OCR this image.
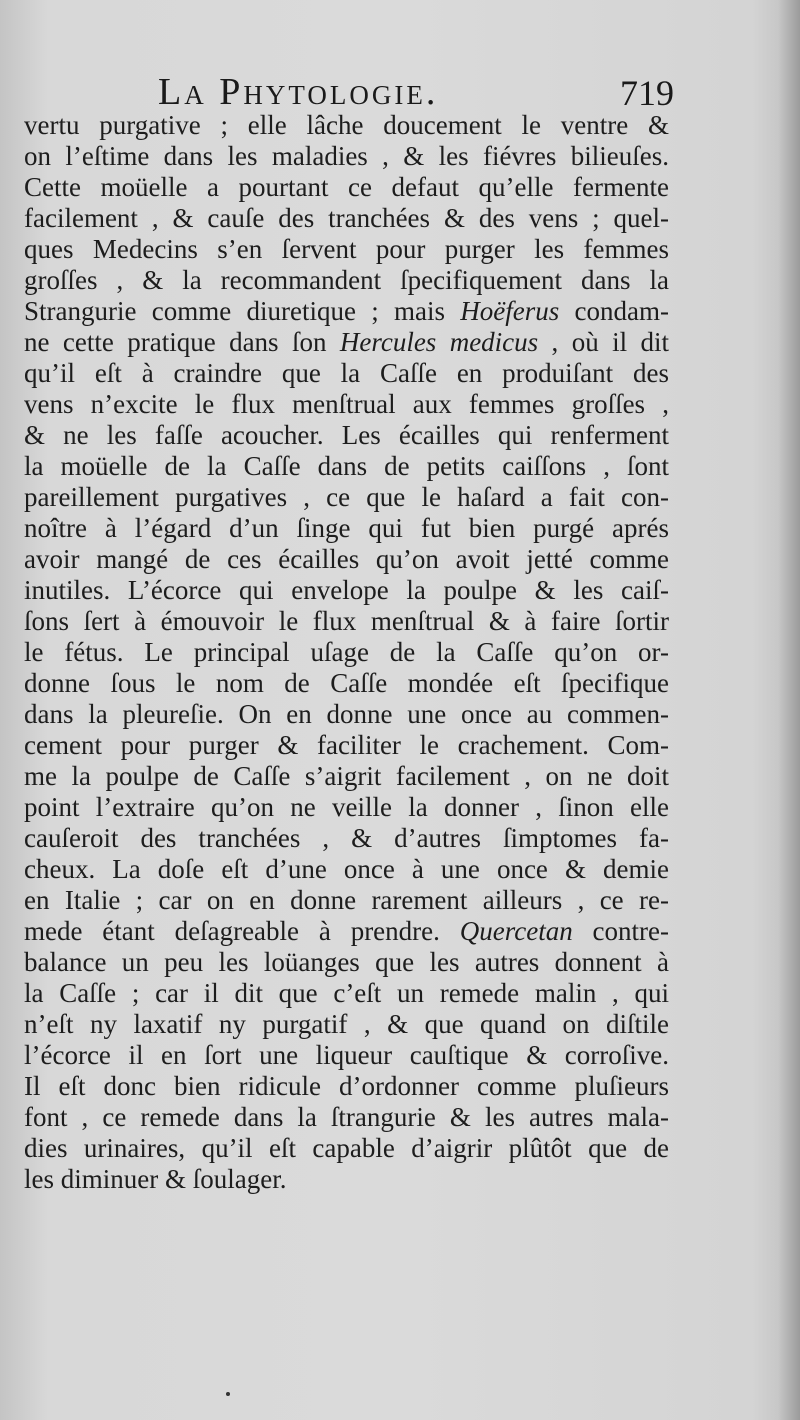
La Phytologie.	719
vertu purgative ; elle lâche doucement le ventre &
on l’eſtime dans les maladies , & les fiévres bilieuſes.
Cette moüelle a pourtant ce defaut qu’elle fermente
facilement , & cauſe des tranchées & des vens ; quel-
ques Medecins s’en ſervent pour purger les femmes
groſſes , & la recommandent ſpecifiquement dans la
Strangurie comme diuretique ; mais Hoëferus condam-
ne cette pratique dans ſon Hercules medicus , où il dit
qu’il eſt à craindre que la Caſſe en produiſant des
vens n’excite le flux menſtrual aux femmes groſſes ,
& ne les faſſe acoucher. Les écailles qui renferment
la moüelle de la Caſſe dans de petits caiſſons , ſont
pareillement purgatives , ce que le haſard a fait con-
noître à l’égard d’un ſinge qui fut bien purgé aprés
avoir mangé de ces écailles qu’on avoit jetté comme
inutiles. L’écorce qui envelope la poulpe & les caiſ-
ſons ſert à émouvoir le flux menſtrual & à faire ſortir
le fétus. Le principal uſage de la Caſſe qu’on or-
donne ſous le nom de Caſſe mondée eſt ſpecifique
dans la pleureſie. On en donne une once au commen-
cement pour purger & faciliter le crachement. Com-
me la poulpe de Caſſe s’aigrit facilement , on ne doit
point l’extraire qu’on ne veille la donner , ſinon elle
cauſeroit des tranchées , & d’autres ſimptomes fa-
cheux. La doſe eſt d’une once à une once & demie
en Italie ; car on en donne rarement ailleurs , ce re-
mede étant deſagreable à prendre. Quercetan contre-
balance un peu les loüanges que les autres donnent à
la Caſſe ; car il dit que c’eſt un remede malin , qui
n’eſt ny laxatif ny purgatif , & que quand on diſtile
l’écorce il en ſort une liqueur cauſtique & corroſive.
Il eſt donc bien ridicule d’ordonner comme pluſieurs
font , ce remede dans la ſtrangurie & les autres mala-
dies urinaires, qu’il eſt capable d’aigrir plûtôt que de
les diminuer & ſoulager.
